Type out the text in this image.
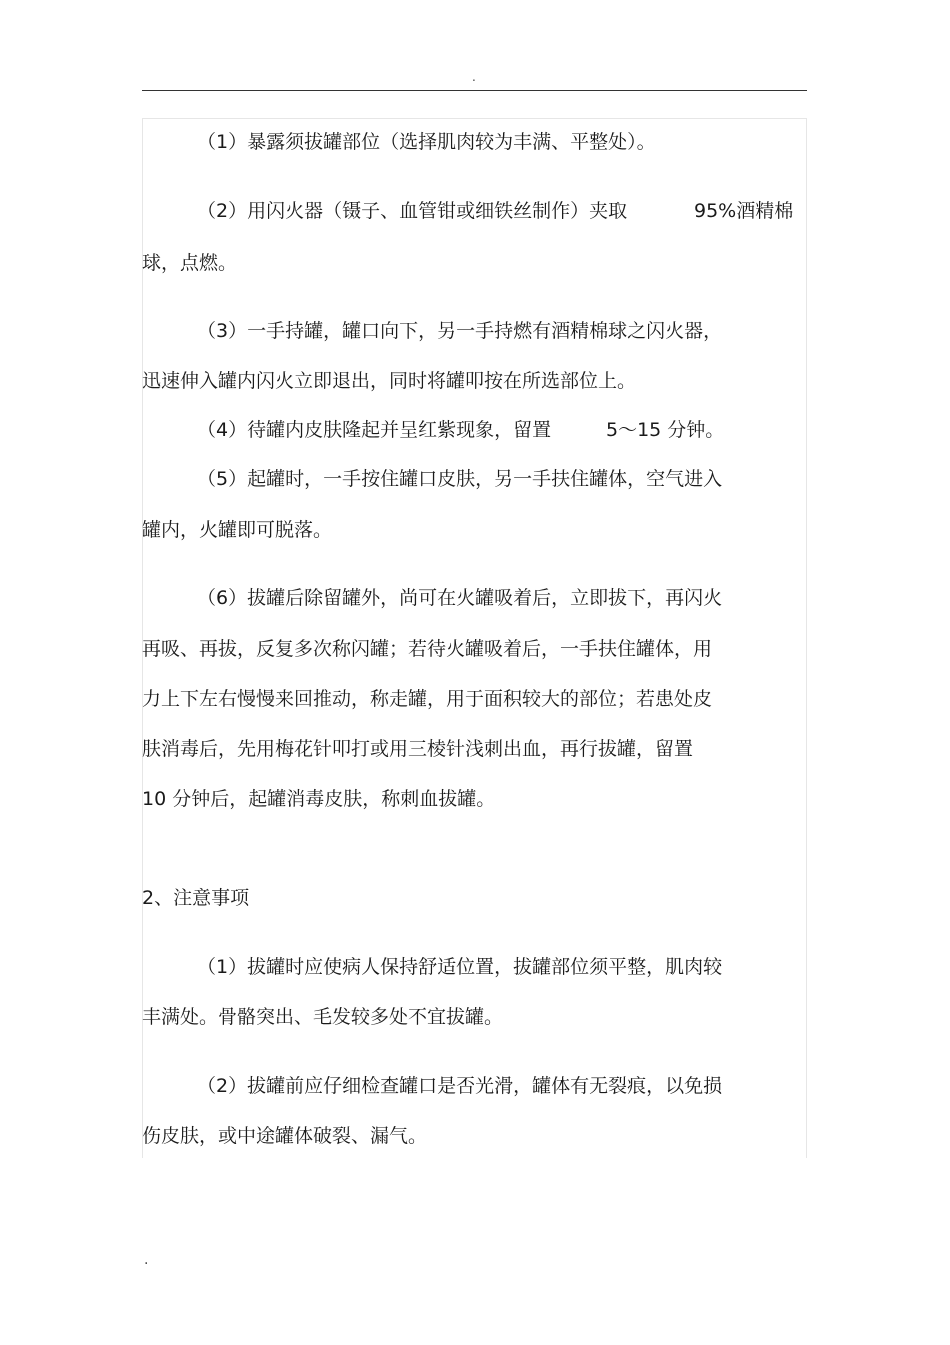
.
（1）暴露须拔罐部位（选择肌肉较为丰满、平整处）。
（2）用闪火器（镊子、血管钳或细铁丝制作）夹取	95%酒精棉
球，点燃。
（3）一手持罐，罐口向下，另一手持燃有酒精棉球之闪火器，
迅速伸入罐内闪火立即退出，同时将罐叩按在所选部位上。
（4）待罐内皮肤隆起并呈红紫现象，留置	5～15 分钟。
（5）起罐时，一手按住罐口皮肤，另一手扶住罐体，空气进入
罐内，火罐即可脱落。
（6）拔罐后除留罐外，尚可在火罐吸着后，立即拔下，再闪火
再吸、再拔，反复多次称闪罐；若待火罐吸着后，一手扶住罐体，用
力上下左右慢慢来回推动，称走罐，用于面积较大的部位；若患处皮
肤消毒后，先用梅花针叩打或用三棱针浅刺出血，再行拔罐，留置
10 分钟后，起罐消毒皮肤，称刺血拔罐。
2、注意事项
（1）拔罐时应使病人保持舒适位置，拔罐部位须平整，肌肉较
丰满处。骨骼突出、毛发较多处不宜拔罐。
（2）拔罐前应仔细检查罐口是否光滑，罐体有无裂痕，以免损
伤皮肤，或中途罐体破裂、漏气。
.
